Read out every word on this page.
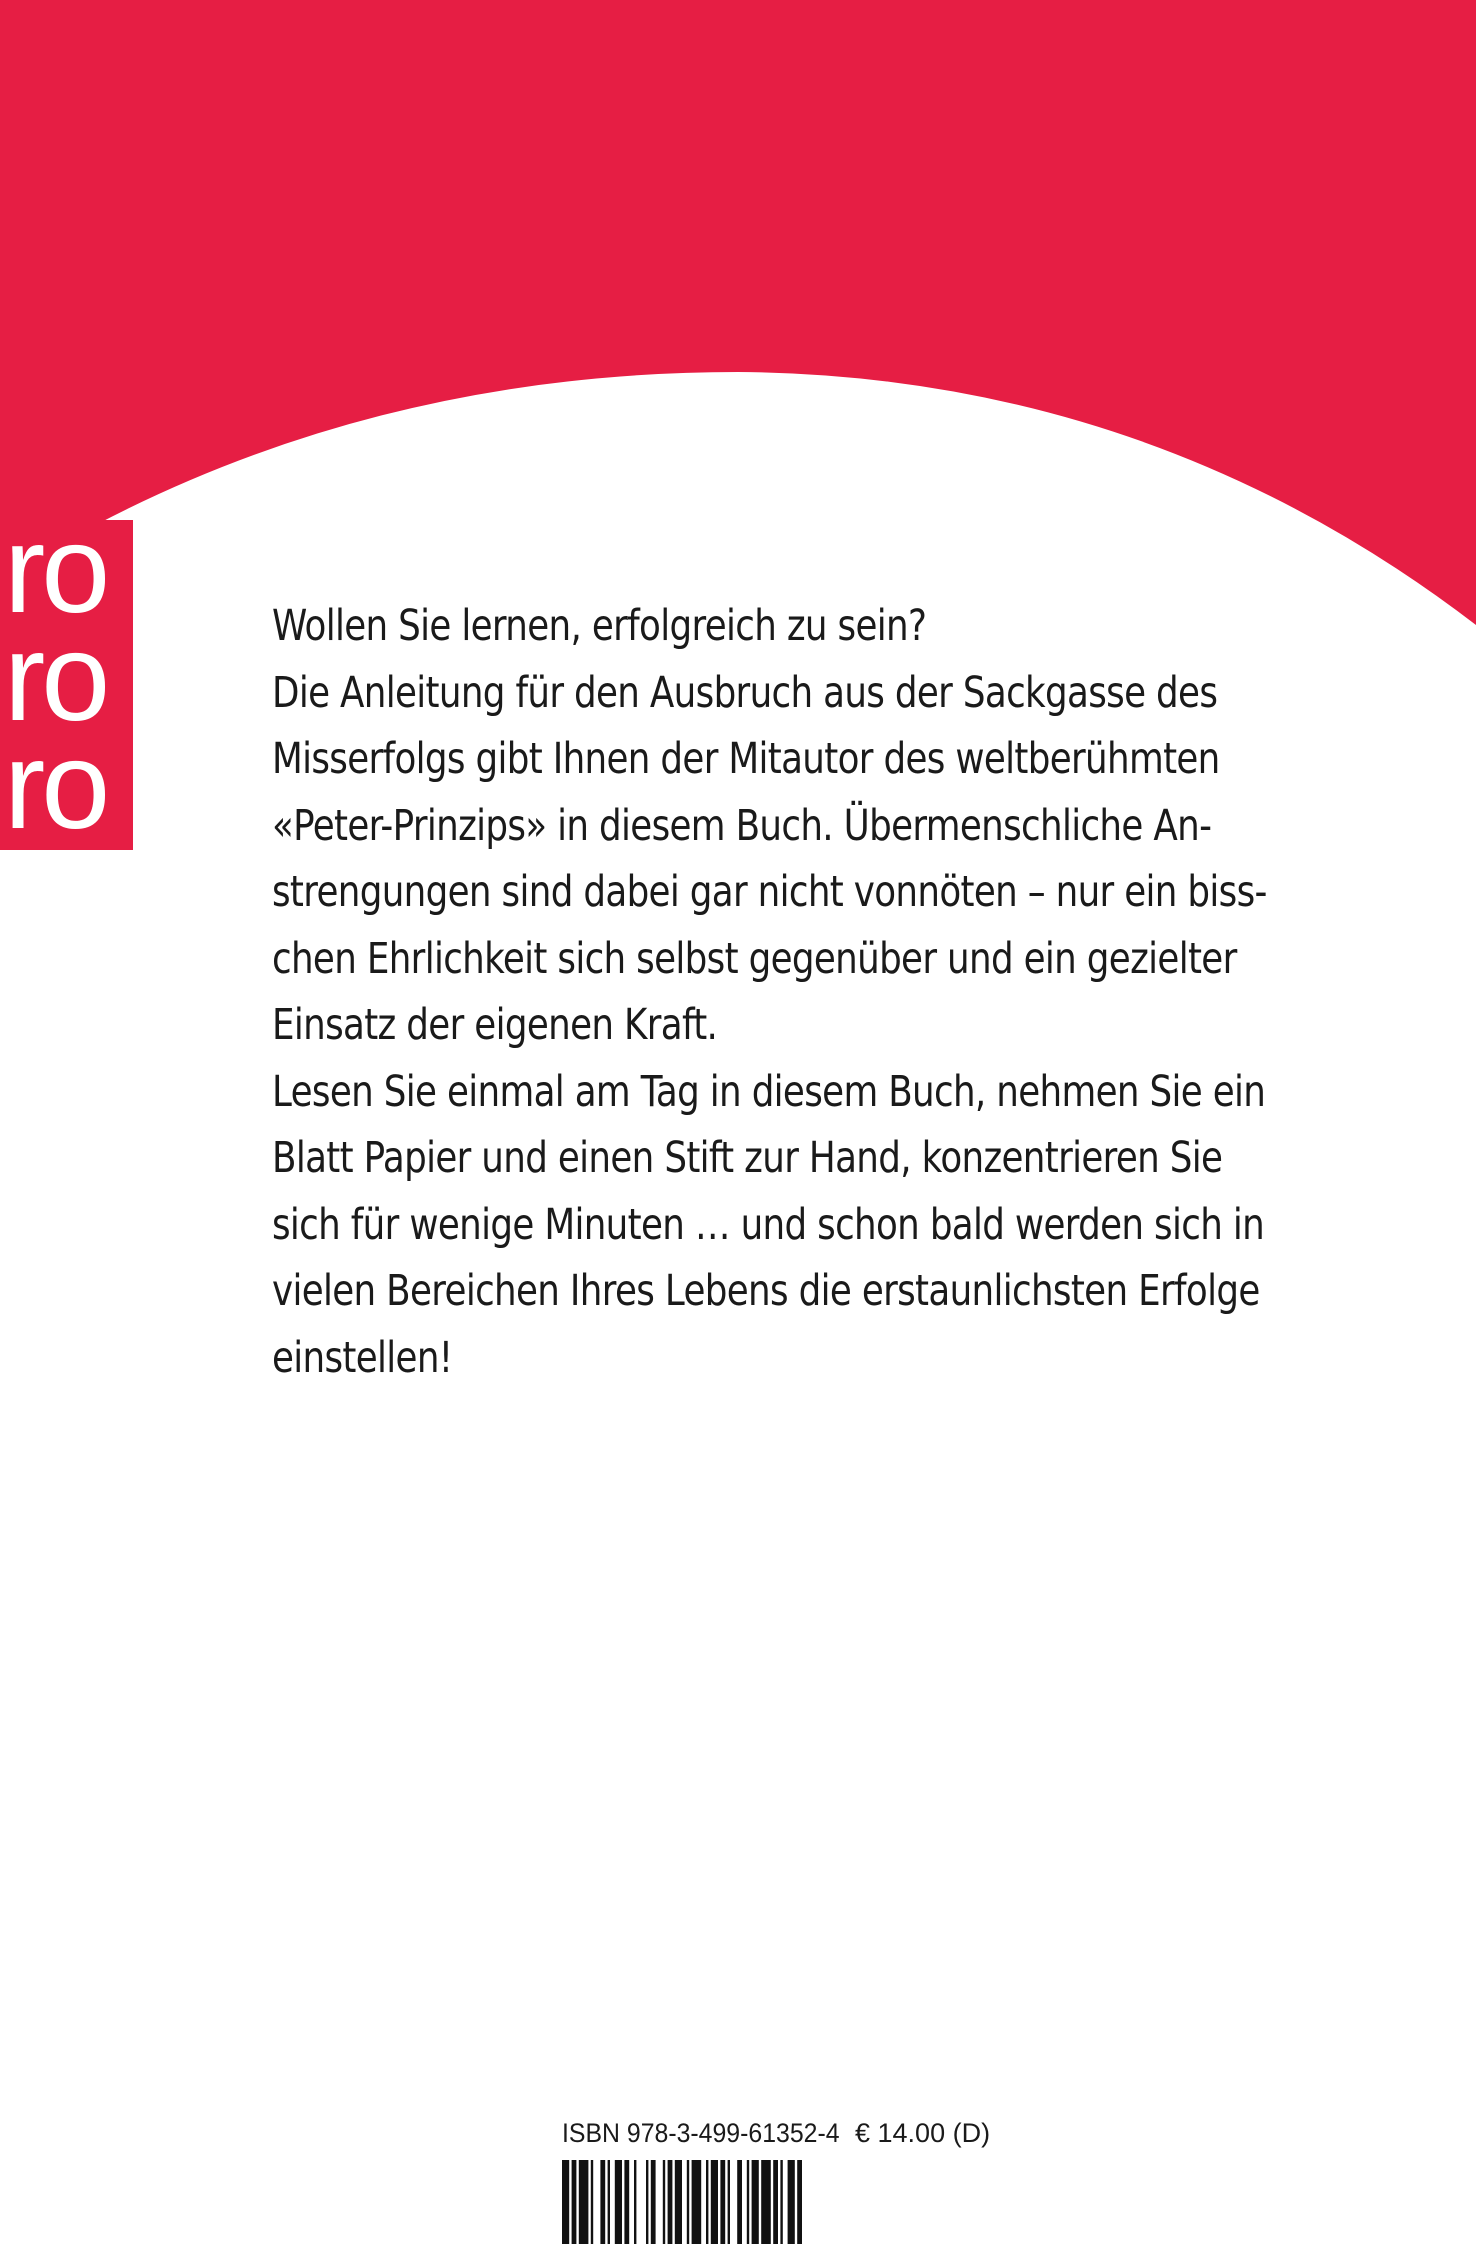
ro
ro
ro
Wollen Sie lernen, erfolgreich zu sein?
Die Anleitung für den Ausbruch aus der Sackgasse des
Misserfolgs gibt Ihnen der Mitautor des weltberühmten
«Peter-Prinzips» in diesem Buch. Übermenschliche An-
strengungen sind dabei gar nicht vonnöten – nur ein biss-
chen Ehrlichkeit sich selbst gegenüber und ein gezielter
Einsatz der eigenen Kraft.
Lesen Sie einmal am Tag in diesem Buch, nehmen Sie ein
Blatt Papier und einen Stift zur Hand, konzentrieren Sie
sich für wenige Minuten … und schon bald werden sich in
vielen Bereichen Ihres Lebens die erstaunlichsten Erfolge
einstellen!
ISBN 978-3-499-61352-4 € 14.00 (D)
